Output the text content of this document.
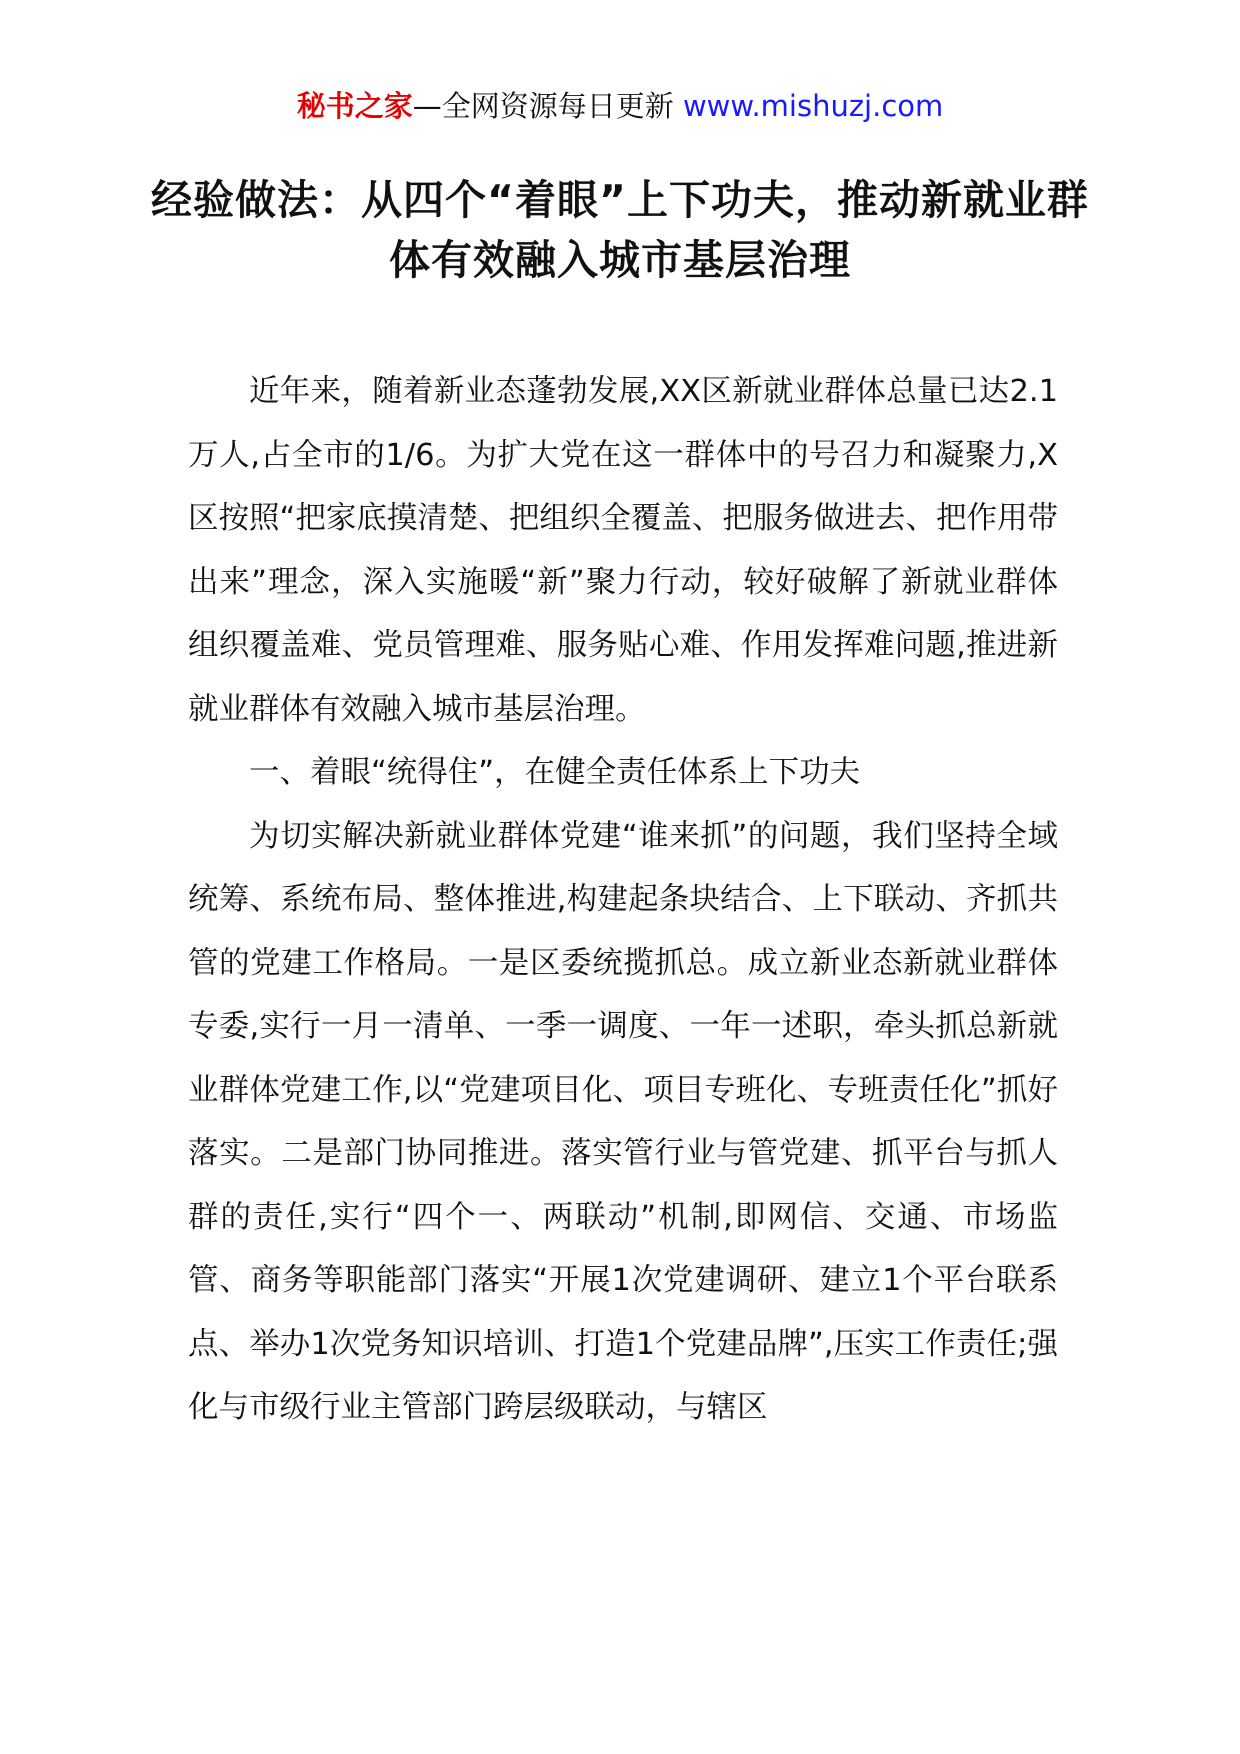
秘书之家—全网资源每日更新 www.mishuzj.com
经验做法：从四个“着眼”上下功夫，推动新就业群体有效融入城市基层治理

近年来，随着新业态蓬勃发展,XX区新就业群体总量已达2.1万人,占全市的1/6。为扩大党在这一群体中的号召力和凝聚力,X区按照“把家底摸清楚、把组织全覆盖、把服务做进去、把作用带出来”理念，深入实施暖“新”聚力行动，较好破解了新就业群体组织覆盖难、党员管理难、服务贴心难、作用发挥难问题,推进新就业群体有效融入城市基层治理。

一、着眼“统得住”，在健全责任体系上下功夫

为切实解决新就业群体党建“谁来抓”的问题，我们坚持全域统筹、系统布局、整体推进,构建起条块结合、上下联动、齐抓共管的党建工作格局。一是区委统揽抓总。成立新业态新就业群体专委,实行一月一清单、一季一调度、一年一述职，牵头抓总新就业群体党建工作,以“党建项目化、项目专班化、专班责任化”抓好落实。二是部门协同推进。落实管行业与管党建、抓平台与抓人群的责任,实行“四个一、两联动”机制,即网信、交通、市场监管、商务等职能部门落实“开展1次党建调研、建立1个平台联系点、举办1次党务知识培训、打造1个党建品牌”,压实工作责任;强化与市级行业主管部门跨层级联动，与辖区
